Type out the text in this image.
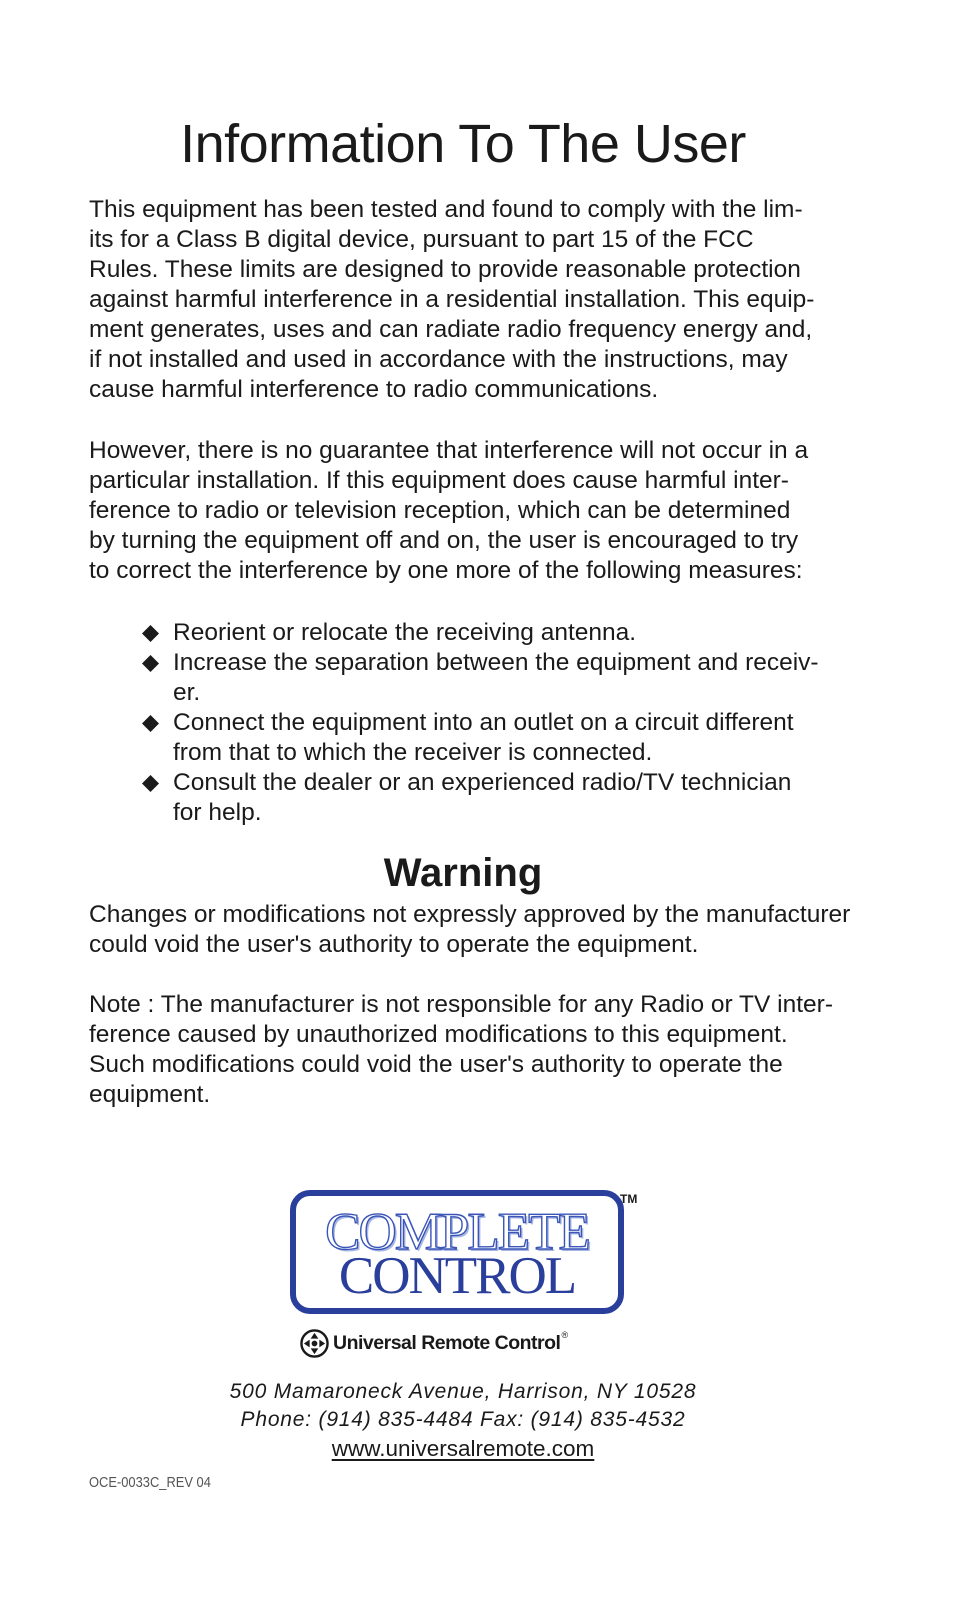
Information To The User

This equipment has been tested and found to comply with the lim-
its for a Class B digital device, pursuant to part 15 of the FCC
Rules. These limits are designed to provide reasonable protection
against harmful interference in a residential installation. This equip-
ment generates, uses and can radiate radio frequency energy and,
if not installed and used in accordance with the instructions, may
cause harmful interference to radio communications.

However, there is no guarantee that interference will not occur in a
particular installation. If this equipment does cause harmful inter-
ference to radio or television reception, which can be determined
by turning the equipment off and on, the user is encouraged to try
to correct the interference by one more of the following measures:

Reorient or relocate the receiving antenna.
Increase the separation between the equipment and receiv-
er.
Connect the equipment into an outlet on a circuit different
from that to which the receiver is connected.
Consult the dealer or an experienced radio/TV technician
for help.
Warning

Changes or modifications not expressly approved by the manufacturer
could void the user's authority to operate the equipment.

Note : The manufacturer is not responsible for any Radio or TV inter-
ference caused by unauthorized modifications to this equipment.
Such modifications could void the user's authority to operate the
equipment.

COMPLETE
CONTROL
TM
Universal Remote Control ®

500 Mamaroneck Avenue, Harrison, NY 10528

Phone: (914) 835-4484 Fax: (914) 835-4532

www.universalremote.com
OCE-0033C_REV 04
